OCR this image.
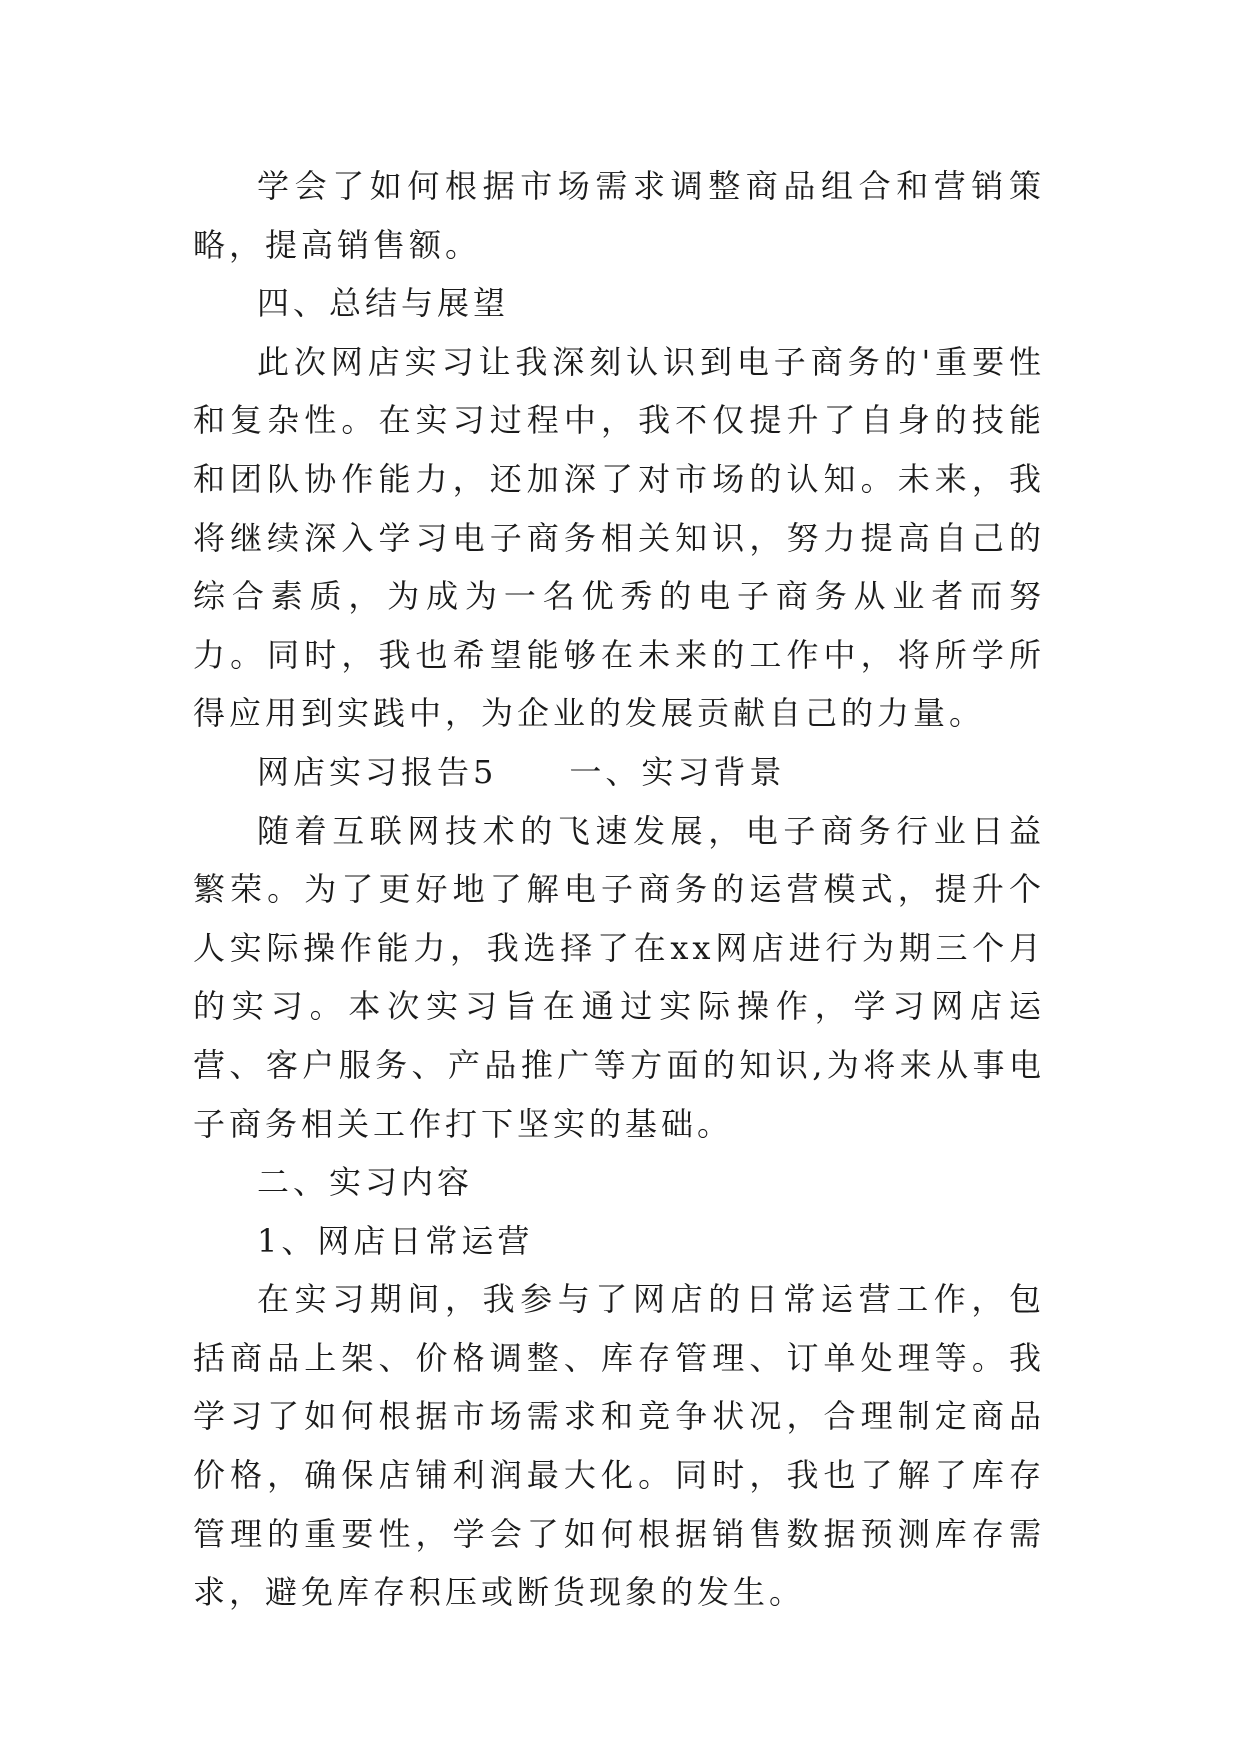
学会了如何根据市场需求调整商品组合和营销策略，提高销售额。

四、总结与展望

此次网店实习让我深刻认识到电子商务的'重要性和复杂性。在实习过程中，我不仅提升了自身的技能和团队协作能力，还加深了对市场的认知。未来，我将继续深入学习电子商务相关知识，努力提高自己的综合素质，为成为一名优秀的电子商务从业者而努力。同时，我也希望能够在未来的工作中，将所学所得应用到实践中，为企业的发展贡献自己的力量。

网店实习报告5　　一、实习背景

随着互联网技术的飞速发展，电子商务行业日益繁荣。为了更好地了解电子商务的运营模式，提升个人实际操作能力，我选择了在xx网店进行为期三个月的实习。本次实习旨在通过实际操作，学习网店运营、客户服务、产品推广等方面的知识,为将来从事电子商务相关工作打下坚实的基础。

二、实习内容

1、网店日常运营

在实习期间，我参与了网店的日常运营工作，包括商品上架、价格调整、库存管理、订单处理等。我学习了如何根据市场需求和竞争状况，合理制定商品价格，确保店铺利润最大化。同时，我也了解了库存管理的重要性，学会了如何根据销售数据预测库存需求，避免库存积压或断货现象的发生。
